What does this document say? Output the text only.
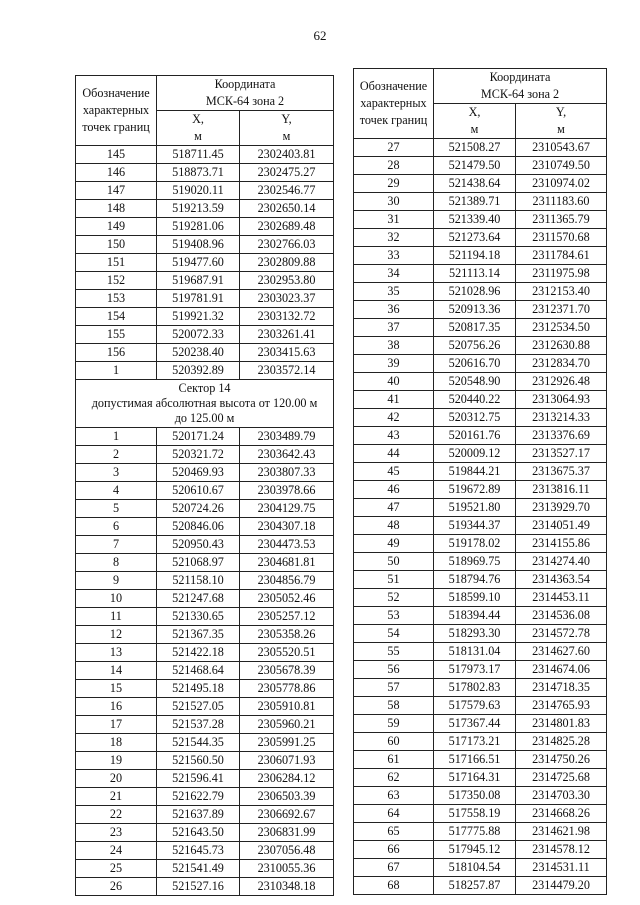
62
Обозначение характерных точек границ	Координата
МСК-64 зона 2	
	X,
м	Y,
м
145	518711.45	2302403.81
146	518873.71	2302475.27
147	519020.11	2302546.77
148	519213.59	2302650.14
149	519281.06	2302689.48
150	519408.96	2302766.03
151	519477.60	2302809.88
152	519687.91	2302953.80
153	519781.91	2303023.37
154	519921.32	2303132.72
155	520072.33	2303261.41
156	520238.40	2303415.63
1	520392.89	2303572.14
Сектор 14
допустимая абсолютная высота от 120.00 м
до 125.00 м		
1	520171.24	2303489.79
2	520321.72	2303642.43
3	520469.93	2303807.33
4	520610.67	2303978.66
5	520724.26	2304129.75
6	520846.06	2304307.18
7	520950.43	2304473.53
8	521068.97	2304681.81
9	521158.10	2304856.79
10	521247.68	2305052.46
11	521330.65	2305257.12
12	521367.35	2305358.26
13	521422.18	2305520.51
14	521468.64	2305678.39
15	521495.18	2305778.86
16	521527.05	2305910.81
17	521537.28	2305960.21
18	521544.35	2305991.25
19	521560.50	2306071.93
20	521596.41	2306284.12
21	521622.79	2306503.39
22	521637.89	2306692.67
23	521643.50	2306831.99
24	521645.73	2307056.48
25	521541.49	2310055.36
26	521527.16	2310348.18
Обозначение характерных точек границ	Координата
МСК-64 зона 2	
	X,
м	Y,
м
27	521508.27	2310543.67
28	521479.50	2310749.50
29	521438.64	2310974.02
30	521389.71	2311183.60
31	521339.40	2311365.79
32	521273.64	2311570.68
33	521194.18	2311784.61
34	521113.14	2311975.98
35	521028.96	2312153.40
36	520913.36	2312371.70
37	520817.35	2312534.50
38	520756.26	2312630.88
39	520616.70	2312834.70
40	520548.90	2312926.48
41	520440.22	2313064.93
42	520312.75	2313214.33
43	520161.76	2313376.69
44	520009.12	2313527.17
45	519844.21	2313675.37
46	519672.89	2313816.11
47	519521.80	2313929.70
48	519344.37	2314051.49
49	519178.02	2314155.86
50	518969.75	2314274.40
51	518794.76	2314363.54
52	518599.10	2314453.11
53	518394.44	2314536.08
54	518293.30	2314572.78
55	518131.04	2314627.60
56	517973.17	2314674.06
57	517802.83	2314718.35
58	517579.63	2314765.93
59	517367.44	2314801.83
60	517173.21	2314825.28
61	517166.51	2314750.26
62	517164.31	2314725.68
63	517350.08	2314703.30
64	517558.19	2314668.26
65	517775.88	2314621.98
66	517945.12	2314578.12
67	518104.54	2314531.11
68	518257.87	2314479.20
